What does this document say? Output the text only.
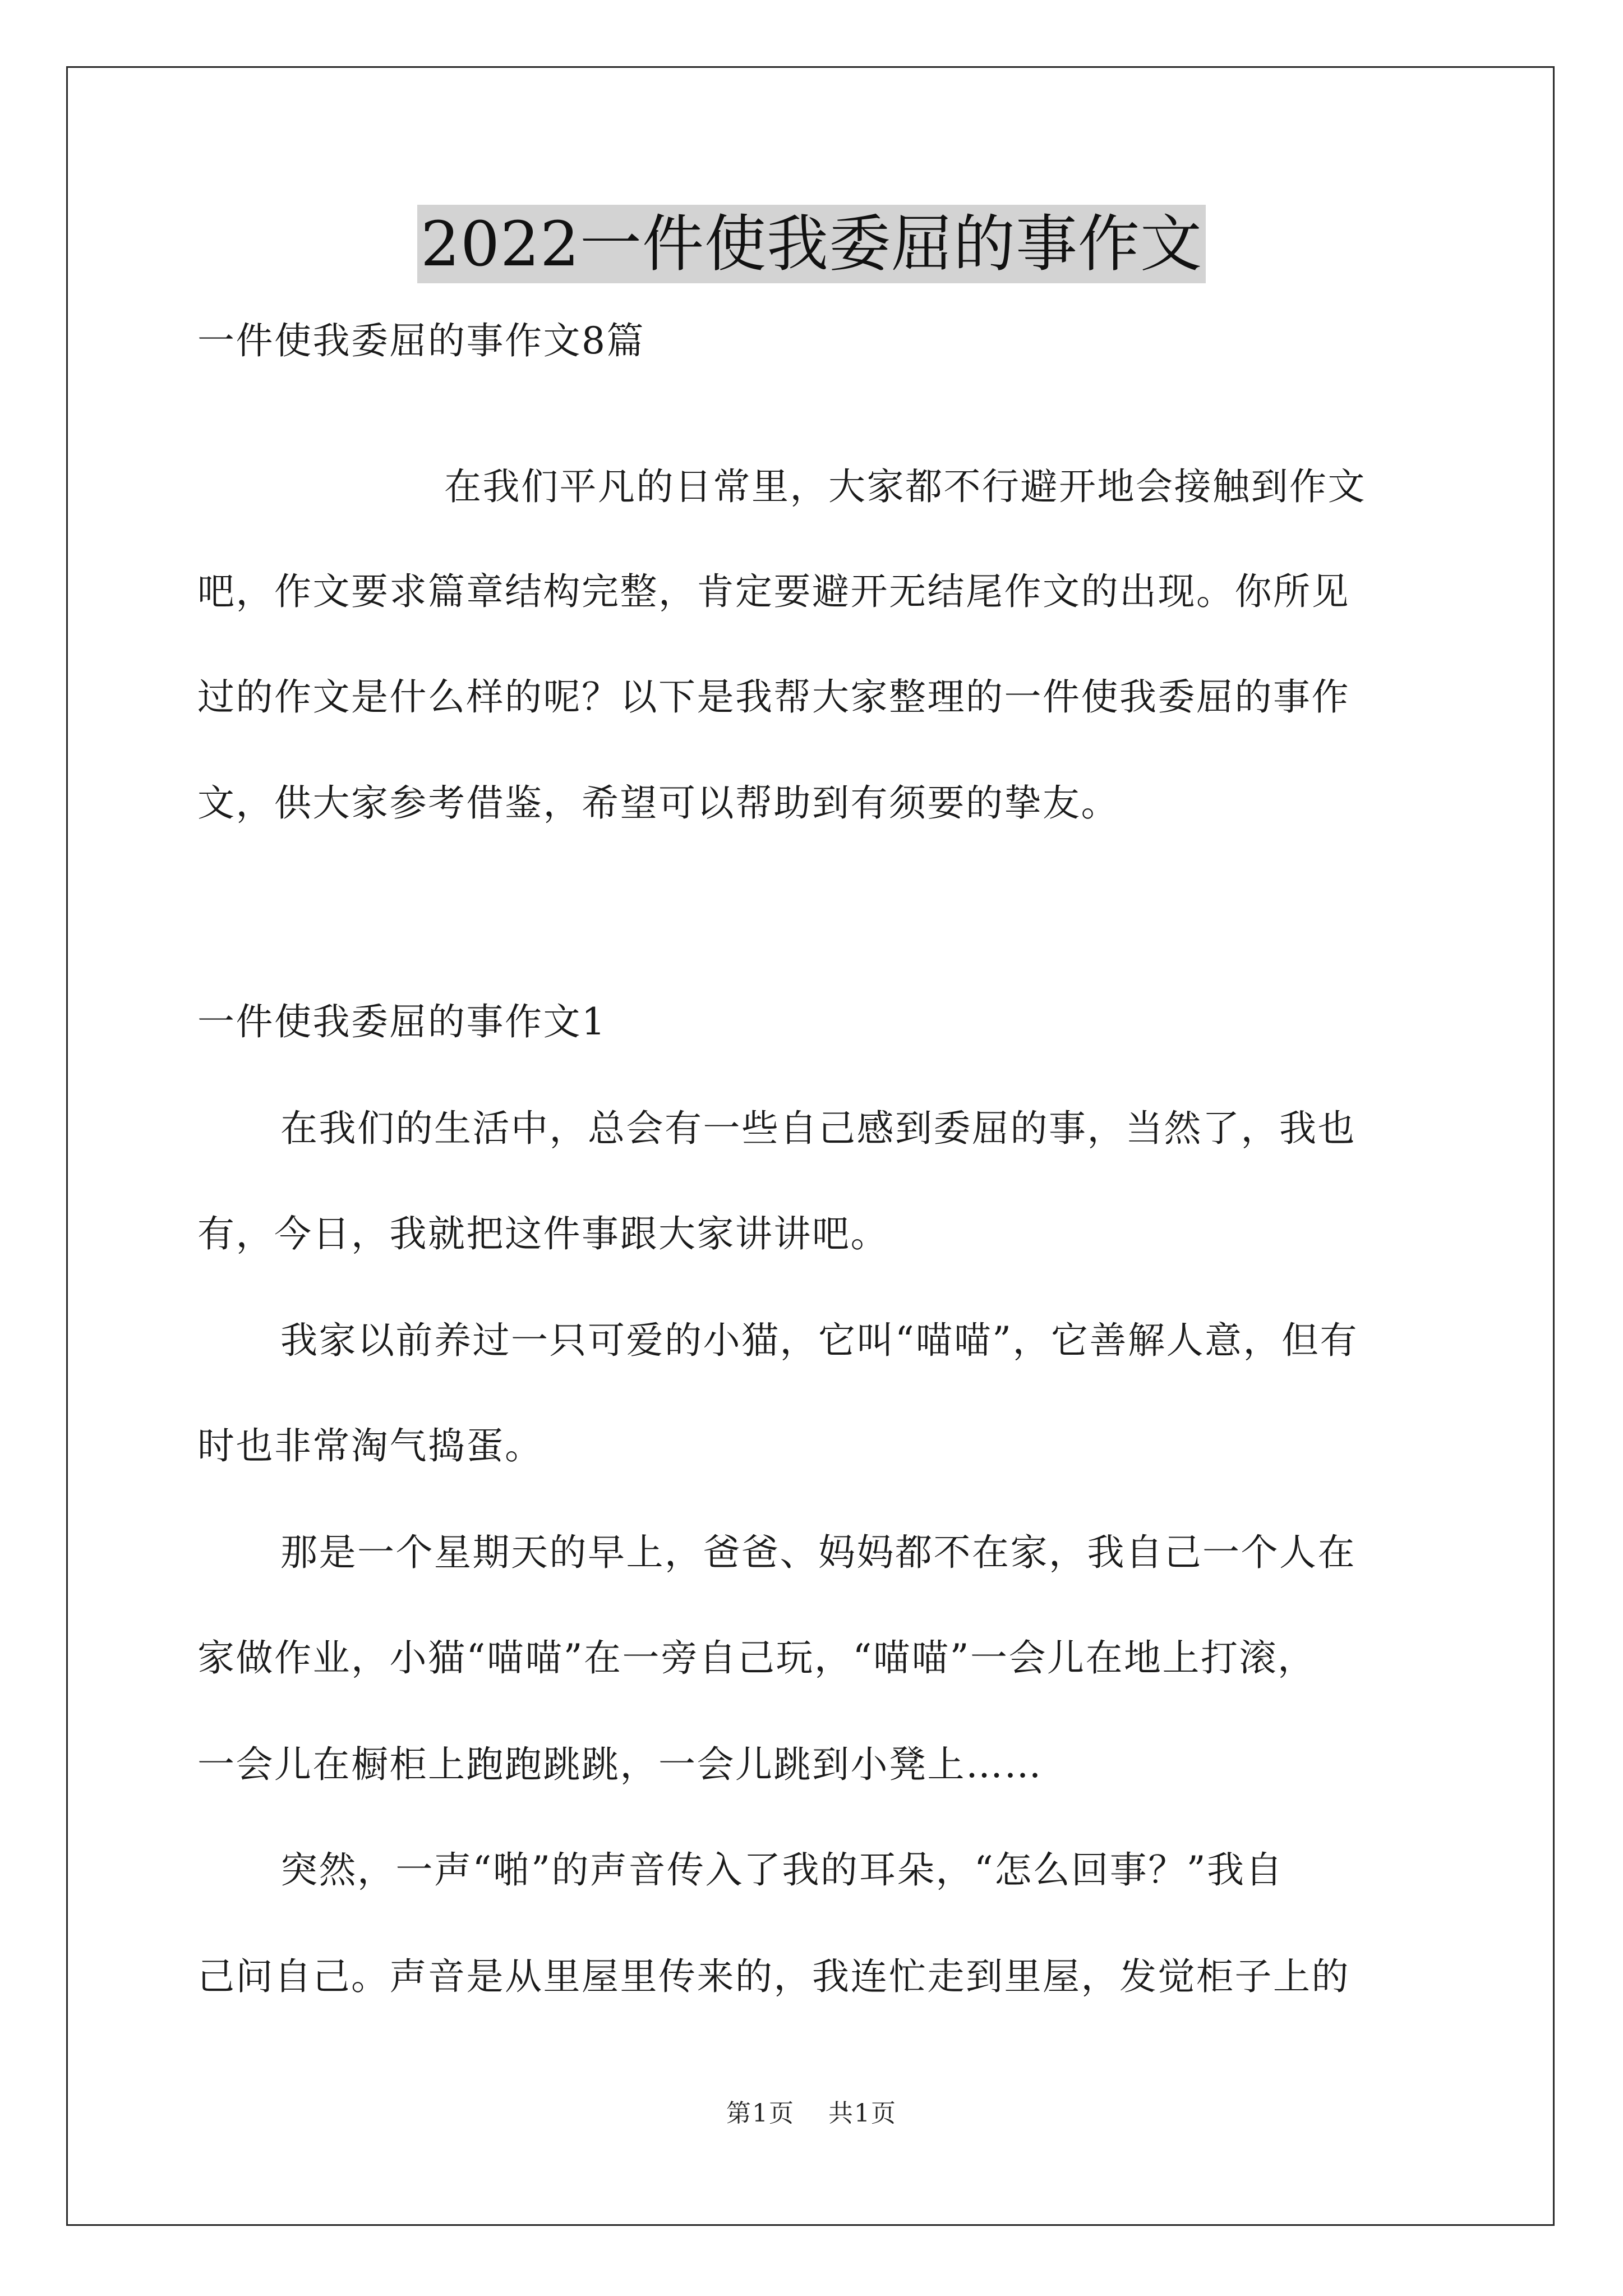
2022一件使我委屈的事作文
一件使我委屈的事作文8篇
在我们平凡的日常里，大家都不行避开地会接触到作文
吧，作文要求篇章结构完整，肯定要避开无结尾作文的出现。你所见
过的作文是什么样的呢？以下是我帮大家整理的一件使我委屈的事作
文，供大家参考借鉴，希望可以帮助到有须要的挚友。
一件使我委屈的事作文1
在我们的生活中，总会有一些自己感到委屈的事，当然了，我也
有，今日，我就把这件事跟大家讲讲吧。
我家以前养过一只可爱的小猫，它叫“喵喵”，它善解人意，但有
时也非常淘气捣蛋。
那是一个星期天的早上，爸爸、妈妈都不在家，我自己一个人在
家做作业，小猫“喵喵”在一旁自己玩，“喵喵”一会儿在地上打滚，
一会儿在橱柜上跑跑跳跳，一会儿跳到小凳上……
突然，一声“啪”的声音传入了我的耳朵，“怎么回事？”我自
己问自己。声音是从里屋里传来的，我连忙走到里屋，发觉柜子上的
第1页 共1页
